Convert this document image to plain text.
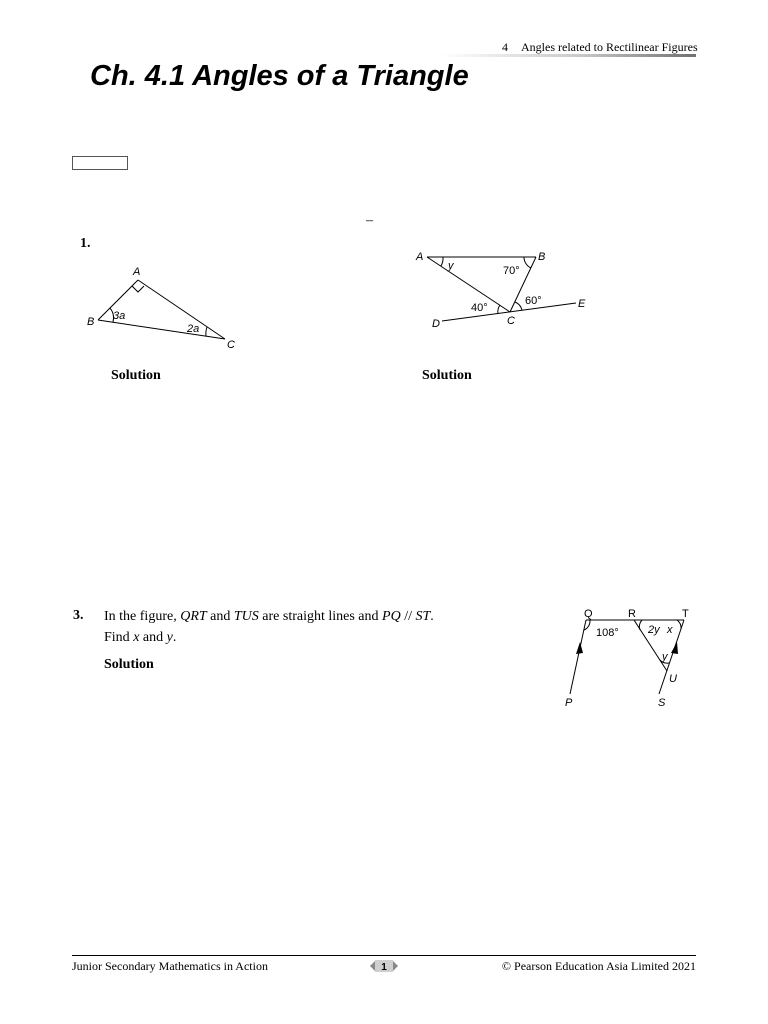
4 Angles related to Rectilinear Figures
Ch. 4.1 Angles of a Triangle
–
1.
A
B
C
3a
2a
A	B
C
D
E
y	70°
40°
60°
Solution	Solution
3. In the figure, QRT and TUS are straight lines and PQ // ST.
Find x and y.
Solution
Q	R	T
U
P	S
108°	2y x
y
Junior Secondary Mathematics in Action	1	© Pearson Education Asia Limited 2021
